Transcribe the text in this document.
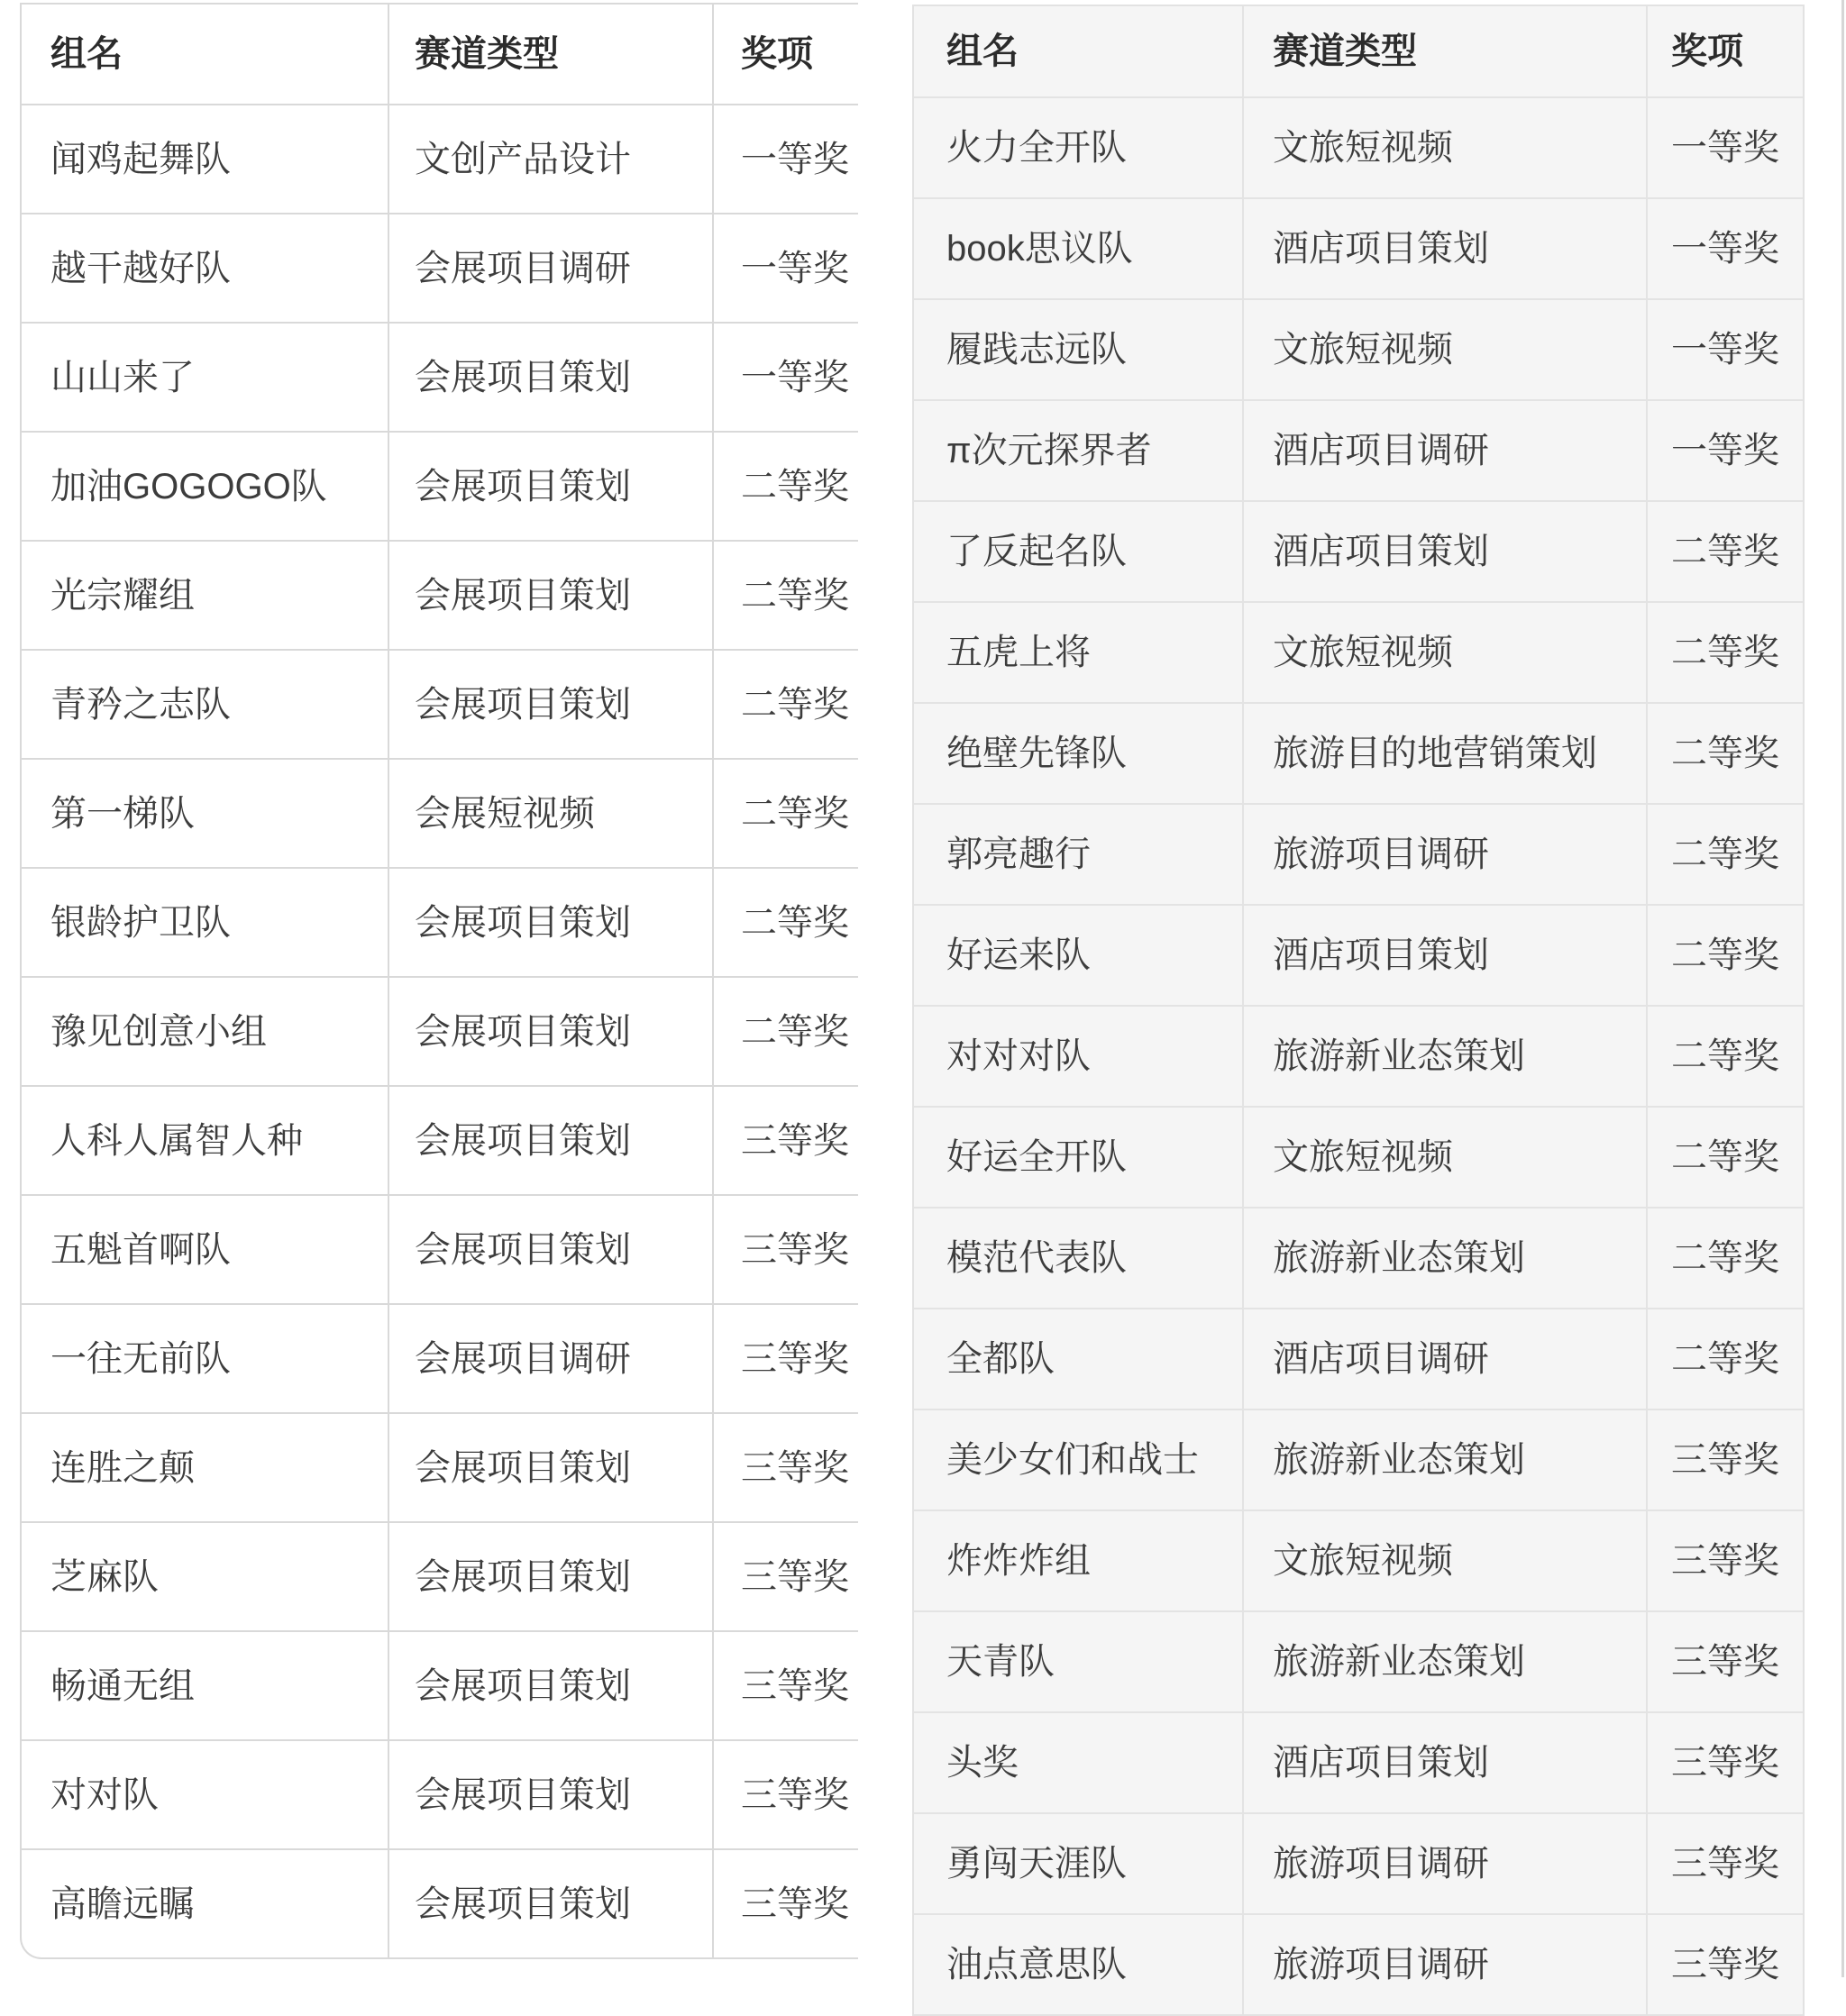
组名	赛道类型	奖项
闻鸡起舞队	文创产品设计	一等奖
越干越好队	会展项目调研	一等奖
山山来了	会展项目策划	一等奖
加油GOGOGO队	会展项目策划	二等奖
光宗耀组	会展项目策划	二等奖
青矜之志队	会展项目策划	二等奖
第一梯队	会展短视频	二等奖
银龄护卫队	会展项目策划	二等奖
豫见创意小组	会展项目策划	二等奖
人科人属智人种	会展项目策划	三等奖
五魁首啊队	会展项目策划	三等奖
一往无前队	会展项目调研	三等奖
连胜之颠	会展项目策划	三等奖
芝麻队	会展项目策划	三等奖
畅通无组	会展项目策划	三等奖
对对队	会展项目策划	三等奖
高瞻远瞩	会展项目策划	三等奖
组名	赛道类型	奖项
火力全开队	文旅短视频	一等奖
book思议队	酒店项目策划	一等奖
履践志远队	文旅短视频	一等奖
π次元探界者	酒店项目调研	一等奖
了反起名队	酒店项目策划	二等奖
五虎上将	文旅短视频	二等奖
绝壁先锋队	旅游目的地营销策划	二等奖
郭亮趣行	旅游项目调研	二等奖
好运来队	酒店项目策划	二等奖
对对对队	旅游新业态策划	二等奖
好运全开队	文旅短视频	二等奖
模范代表队	旅游新业态策划	二等奖
全都队	酒店项目调研	二等奖
美少女们和战士	旅游新业态策划	三等奖
炸炸炸组	文旅短视频	三等奖
天青队	旅游新业态策划	三等奖
头奖	酒店项目策划	三等奖
勇闯天涯队	旅游项目调研	三等奖
油点意思队	旅游项目调研	三等奖
